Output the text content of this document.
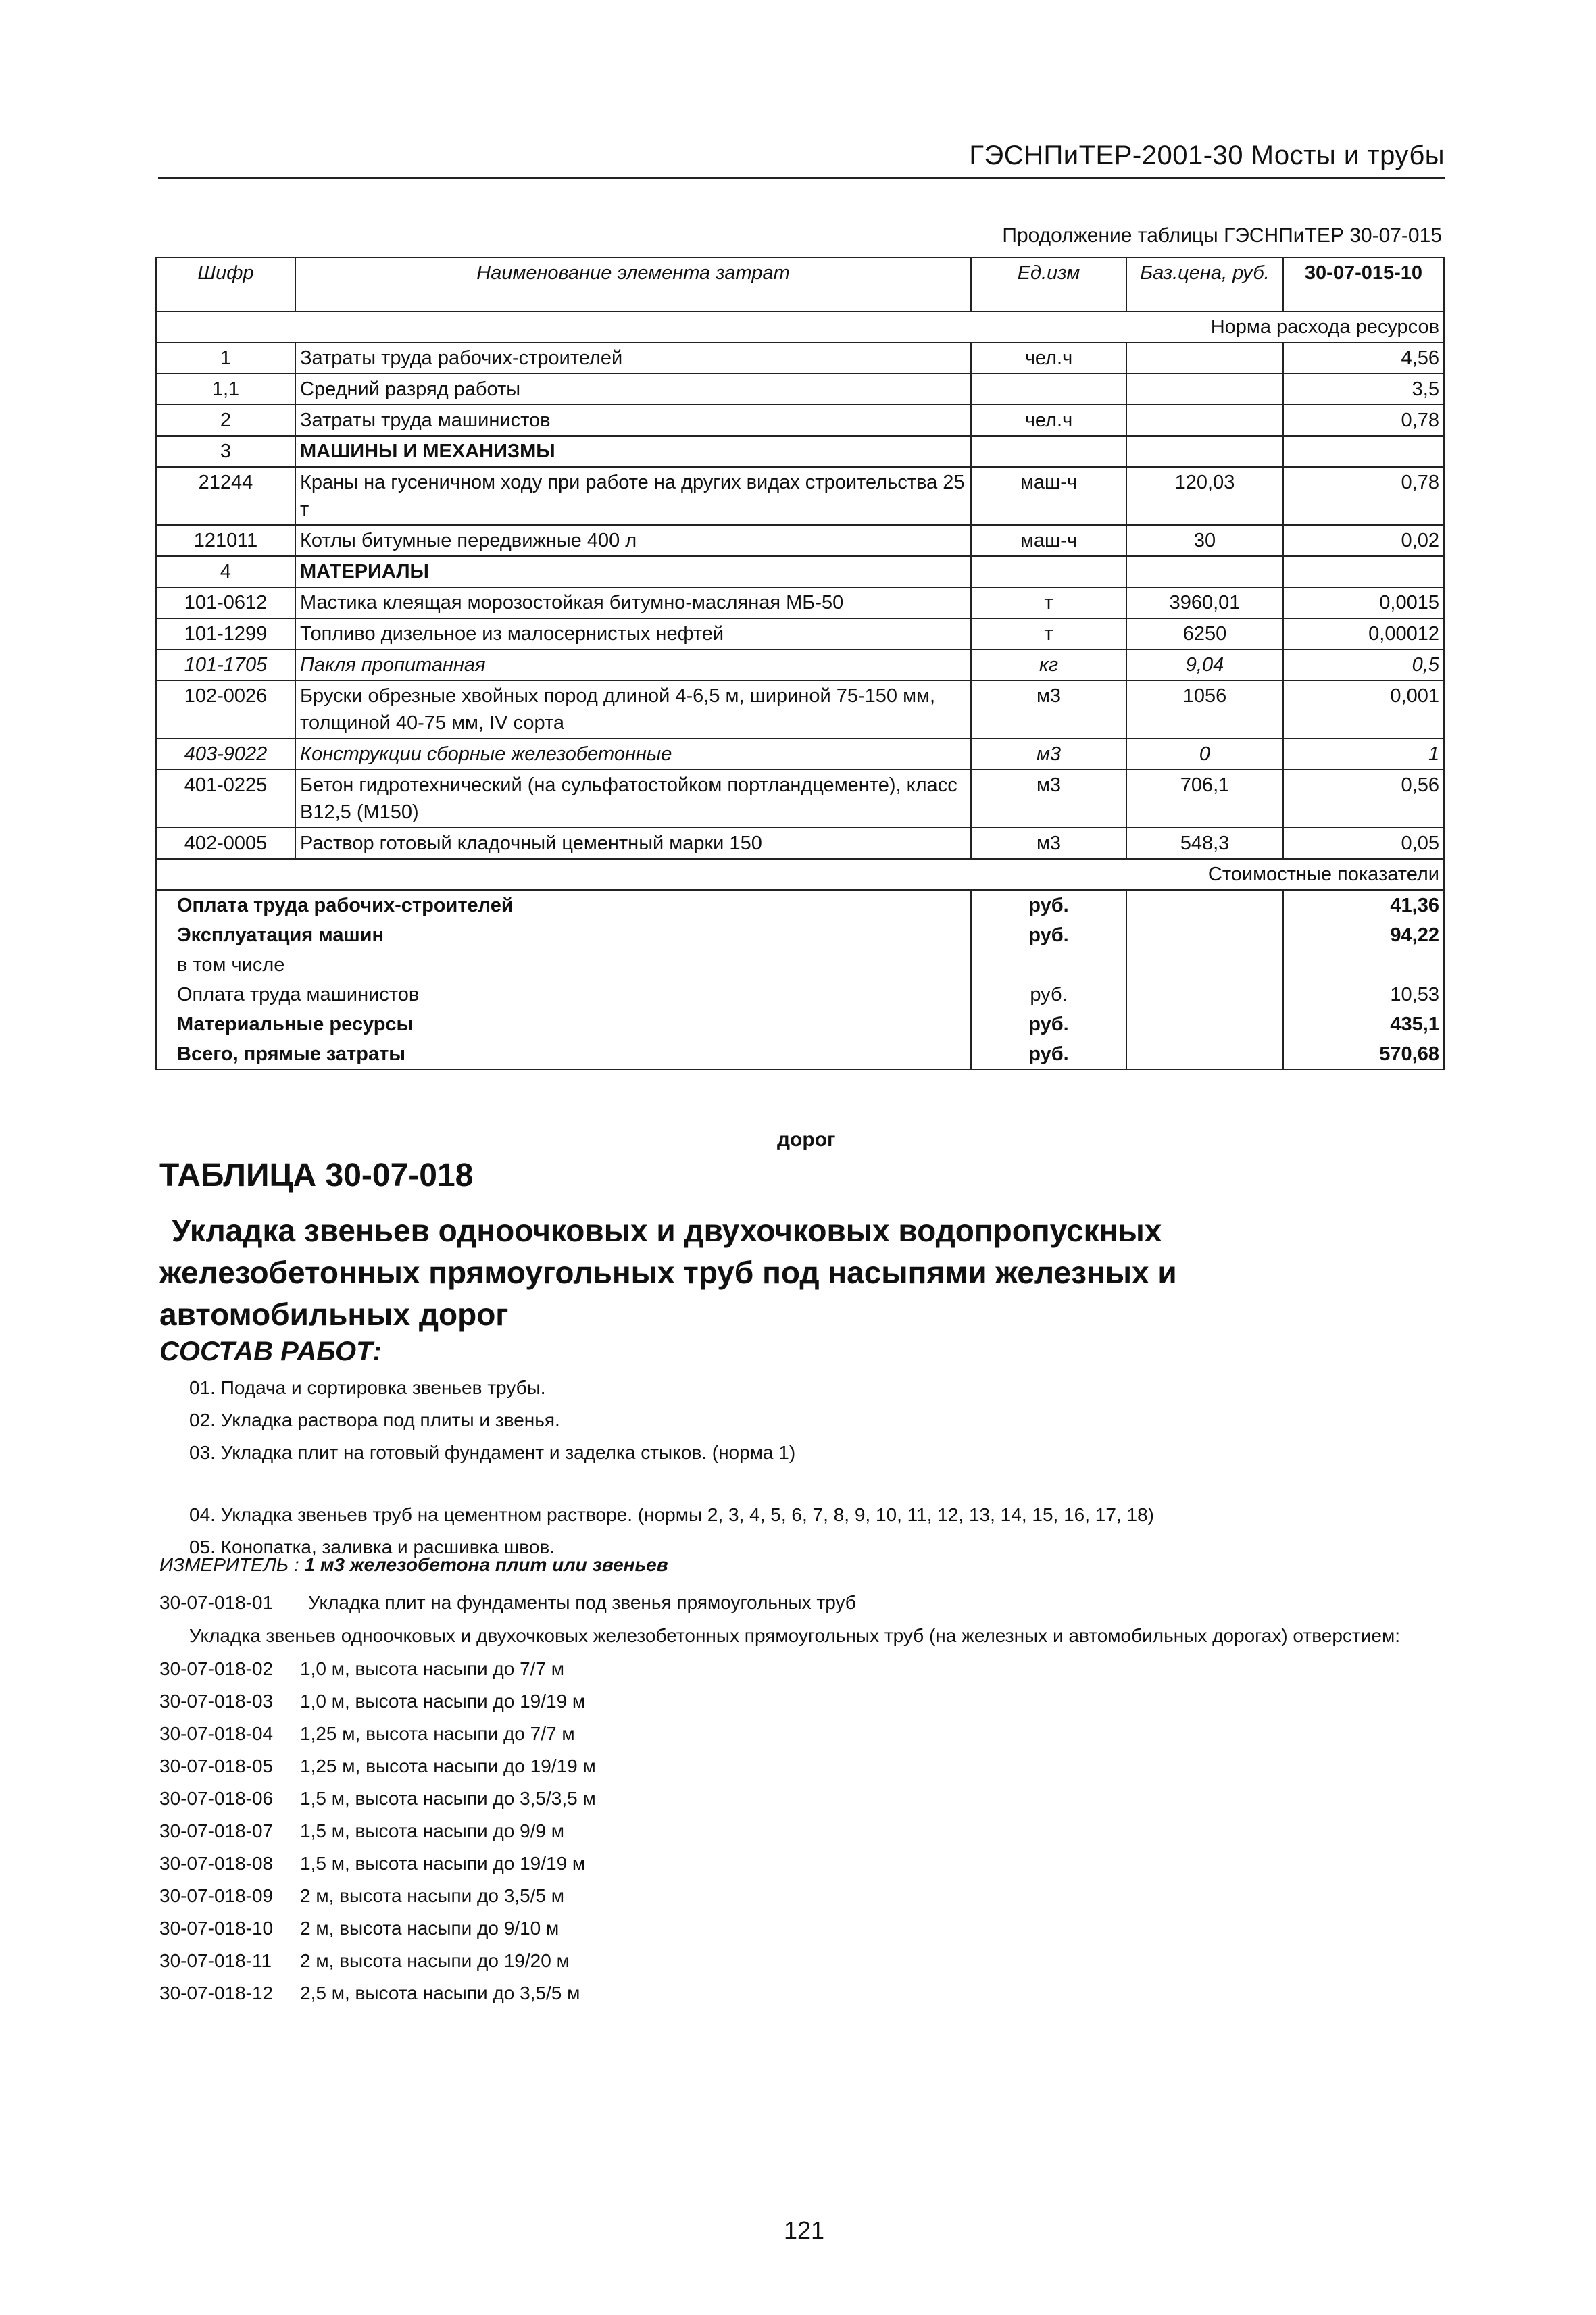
ГЭСНПиТЕР-2001-30 Мосты и трубы
Продолжение таблицы ГЭСНПиТЕР 30-07-015
Шифр	Наименование элемента затрат	Ед.изм	Баз.цена, руб.	30-07-015-10
Норма расхода ресурсов				
1	Затраты труда рабочих-строителей	чел.ч		4,56
1,1	Средний разряд работы			3,5
2	Затраты труда машинистов	чел.ч		0,78
3	МАШИНЫ И МЕХАНИЗМЫ			
21244	Краны на гусеничном ходу при работе на других видах строительства 25 т	маш-ч	120,03	0,78
121011	Котлы битумные передвижные 400 л	маш-ч	30	0,02
4	МАТЕРИАЛЫ			
101-0612	Мастика клеящая морозостойкая битумно-масляная МБ-50	т	3960,01	0,0015
101-1299	Топливо дизельное из малосернистых нефтей	т	6250	0,00012
101-1705	Пакля пропитанная	кг	9,04	0,5
102-0026	Бруски обрезные хвойных пород длиной 4-6,5 м, шириной 75-150 мм, толщиной 40-75 мм, IV сорта	м3	1056	0,001
403-9022	Конструкции сборные железобетонные	м3	0	1
401-0225	Бетон гидротехнический (на сульфатостойком портландцементе), класс В12,5 (М150)	м3	706,1	0,56
402-0005	Раствор готовый кладочный цементный марки 150	м3	548,3	0,05
Стоимостные показатели				
Оплата труда рабочих-строителей		руб.		41,36
Эксплуатация машин		руб.		94,22
в том числе				
Оплата труда машинистов		руб.		10,53
Материальные ресурсы		руб.		435,1
Всего, прямые затраты		руб.		570,68
дорог
ТАБЛИЦА 30-07-018
Укладка звеньев одноочковых и двухочковых водопропускных
железобетонных прямоугольных труб под насыпями железных и
автомобильных дорог
СОСТАВ РАБОТ:
01. Подача и сортировка звеньев трубы.
02. Укладка раствора под плиты и звенья.
03. Укладка плит на готовый фундамент и заделка стыков. (норма 1)
04. Укладка звеньев труб на цементном растворе. (нормы 2, 3, 4, 5, 6, 7, 8, 9, 10, 11, 12, 13, 14, 15, 16, 17, 18)
05. Конопатка, заливка и расшивка швов.
ИЗМЕРИТЕЛЬ : 1 м3 железобетона плит или звеньев
30-07-018-01	Укладка плит на фундаменты под звенья прямоугольных труб
Укладка звеньев одноочковых и двухочковых железобетонных прямоугольных труб (на железных и автомобильных дорогах) отверстием:
30-07-018-02	1,0 м, высота насыпи до 7/7 м
30-07-018-03	1,0 м, высота насыпи до 19/19 м
30-07-018-04	1,25 м, высота насыпи до 7/7 м
30-07-018-05	1,25 м, высота насыпи до 19/19 м
30-07-018-06	1,5 м, высота насыпи до 3,5/3,5 м
30-07-018-07	1,5 м, высота насыпи до 9/9 м
30-07-018-08	1,5 м, высота насыпи до 19/19 м
30-07-018-09	2 м, высота насыпи до 3,5/5 м
30-07-018-10	2 м, высота насыпи до 9/10 м
30-07-018-11	2 м, высота насыпи до 19/20 м
30-07-018-12	2,5 м, высота насыпи до 3,5/5 м
121
